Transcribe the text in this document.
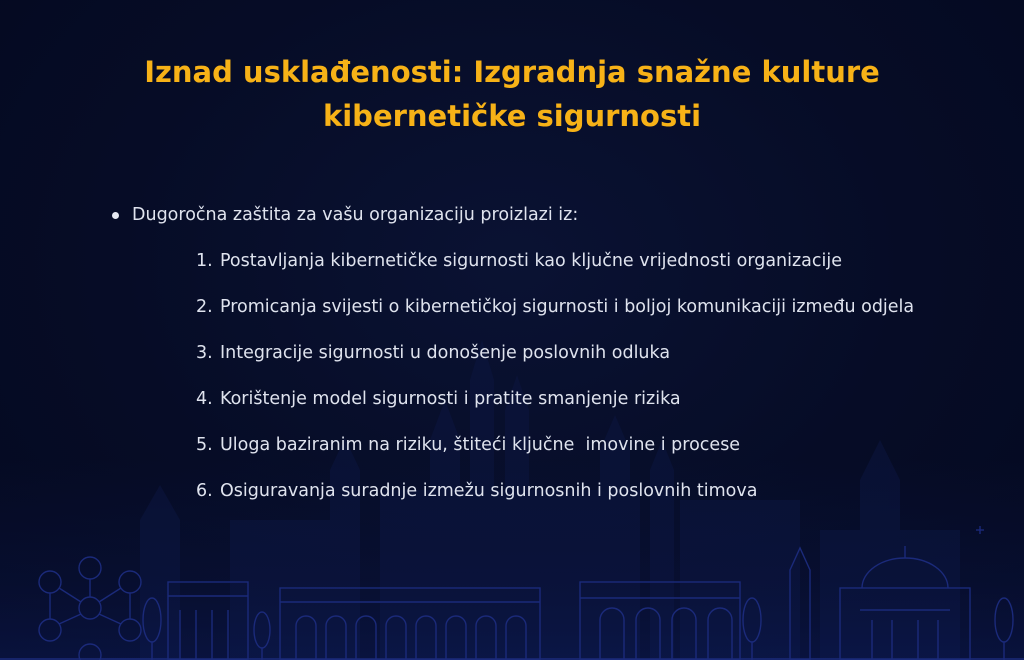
Iznad usklađenosti: Izgradnja snažne kulture
kibernetičke sigurnosti
Dugoročna zaštita za vašu organizaciju proizlazi iz:
1. Postavljanja kibernetičke sigurnosti kao ključne vrijednosti organizacije
2. Promicanja svijesti o kibernetičkoj sigurnosti i boljoj komunikaciji između odjela
3. Integracije sigurnosti u donošenje poslovnih odluka
4. Korištenje model sigurnosti i pratite smanjenje rizika
5. Uloga baziranim na riziku, štiteći ključne  imovine i procese
6. Osiguravanja suradnje izmežu sigurnosnih i poslovnih timova
